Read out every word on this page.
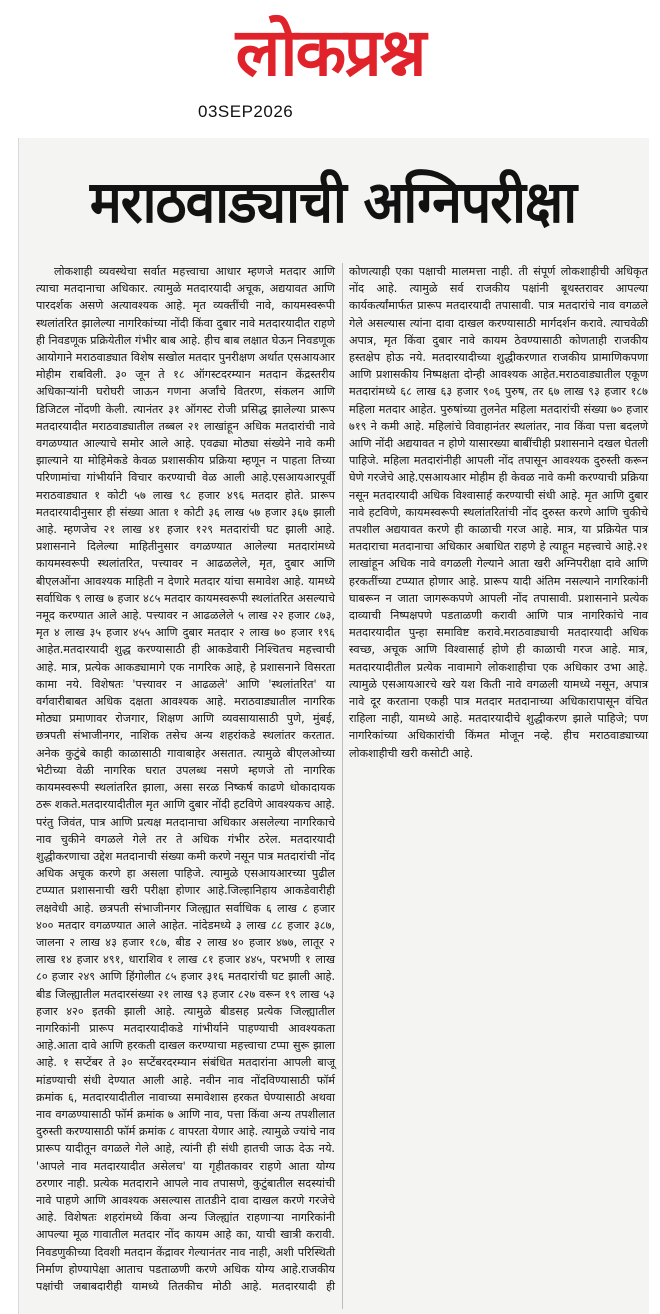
लोकप्रश्न
03SEP2026
मराठवाड्याची अग्निपरीक्षा

लोकशाही व्यवस्थेचा सर्वात महत्त्वाचा आधार म्हणजे मतदार आणि त्याचा मतदानाचा अधिकार. त्यामुळे मतदारयादी अचूक, अद्ययावत आणि पारदर्शक असणे अत्यावश्यक आहे. मृत व्यक्तींची नावे, कायमस्वरूपी स्थलांतरित झालेल्या नागरिकांच्या नोंदी किंवा दुबार नावे मतदारयादीत राहणे ही निवडणूक प्रक्रियेतील गंभीर बाब आहे. हीच बाब लक्षात घेऊन निवडणूक आयोगाने मराठवाड्यात विशेष सखोल मतदार पुनरीक्षण अर्थात एसआयआर मोहीम राबविली. ३० जून ते १८ ऑगस्टदरम्यान मतदान केंद्रस्तरीय अधिकाऱ्यांनी घरोघरी जाऊन गणना अर्जांचे वितरण, संकलन आणि डिजिटल नोंदणी केली. त्यानंतर ३१ ऑगस्ट रोजी प्रसिद्ध झालेल्या प्रारूप मतदारयादीत मराठवाड्यातील तब्बल २१ लाखांहून अधिक मतदारांची नावे वगळण्यात आल्याचे समोर आले आहे. एवढ्या मोठ्या संख्येने नावे कमी झाल्याने या मोहिमेकडे केवळ प्रशासकीय प्रक्रिया म्हणून न पाहता तिच्या परिणामांचा गांभीर्याने विचार करण्याची वेळ आली आहे.एसआयआरपूर्वी मराठवाड्यात १ कोटी ५७ लाख ९८ हजार ४९६ मतदार होते. प्रारूप मतदारयादीनुसार ही संख्या आता १ कोटी ३६ लाख ५७ हजार ३६७ झाली आहे. म्हणजेच २१ लाख ४१ हजार १२९ मतदारांची घट झाली आहे. प्रशासनाने दिलेल्या माहितीनुसार वगळण्यात आलेल्या मतदारांमध्ये कायमस्वरूपी स्थलांतरित, पत्त्यावर न आढळलेले, मृत, दुबार आणि बीएलओंना आवश्यक माहिती न देणारे मतदार यांचा समावेश आहे. यामध्ये सर्वाधिक ९ लाख ७ हजार ४८५ मतदार कायमस्वरूपी स्थलांतरित असल्याचे नमूद करण्यात आले आहे. पत्त्यावर न आढळलेले ५ लाख २२ हजार ८७३, मृत ४ लाख ३५ हजार ४५५ आणि दुबार मतदार २ लाख ७० हजार १९६ आहेत.मतदारयादी शुद्ध करण्यासाठी ही आकडेवारी निश्चितच महत्त्वाची आहे. मात्र, प्रत्येक आकड्यामागे एक नागरिक आहे, हे प्रशासनाने विसरता कामा नये. विशेषतः 'पत्त्यावर न आढळले' आणि 'स्थलांतरित' या वर्गवारीबाबत अधिक दक्षता आवश्यक आहे. मराठवाड्यातील नागरिक मोठ्या प्रमाणावर रोजगार, शिक्षण आणि व्यवसायासाठी पुणे, मुंबई, छत्रपती संभाजीनगर, नाशिक तसेच अन्य शहरांकडे स्थलांतर करतात. अनेक कुटुंबे काही काळासाठी गावाबाहेर असतात. त्यामुळे बीएलओच्या भेटीच्या वेळी नागरिक घरात उपलब्ध नसणे म्हणजे तो नागरिक कायमस्वरूपी स्थलांतरित झाला, असा सरळ निष्कर्ष काढणे धोकादायक ठरू शकते.मतदारयादीतील मृत आणि दुबार नोंदी हटविणे आवश्यकच आहे. परंतु जिवंत, पात्र आणि प्रत्यक्ष मतदानाचा अधिकार असलेल्या नागरिकाचे नाव चुकीने वगळले गेले तर ते अधिक गंभीर ठरेल. मतदारयादी शुद्धीकरणाचा उद्देश मतदानाची संख्या कमी करणे नसून पात्र मतदारांची नोंद अधिक अचूक करणे हा असला पाहिजे. त्यामुळे एसआयआरच्या पुढील टप्प्यात प्रशासनाची खरी परीक्षा होणार आहे.जिल्हानिहाय आकडेवारीही लक्षवेधी आहे. छत्रपती संभाजीनगर जिल्ह्यात सर्वाधिक ६ लाख ८ हजार ४०० मतदार वगळण्यात आले आहेत. नांदेडमध्ये ३ लाख ८८ हजार ३८७, जालना २ लाख ४३ हजार १८७, बीड २ लाख ४० हजार ४७७, लातूर २ लाख १४ हजार ४९१, धाराशिव १ लाख ८१ हजार ४४५, परभणी १ लाख ८० हजार २४९ आणि हिंगोलीत ८५ हजार ३१६ मतदारांची घट झाली आहे. बीड जिल्ह्यातील मतदारसंख्या २१ लाख ९३ हजार ८२७ वरून १९ लाख ५३ हजार ४२० इतकी झाली आहे. त्यामुळे बीडसह प्रत्येक जिल्ह्यातील नागरिकांनी प्रारूप मतदारयादीकडे गांभीर्याने पाहण्याची आवश्यकता आहे.आता दावे आणि हरकती दाखल करण्याचा महत्त्वाचा टप्पा सुरू झाला आहे. १ सप्टेंबर ते ३० सप्टेंबरदरम्यान संबंधित मतदारांना आपली बाजू मांडण्याची संधी देण्यात आली आहे. नवीन नाव नोंदविण्यासाठी फॉर्म क्रमांक ६, मतदारयादीतील नावाच्या समावेशास हरकत घेण्यासाठी अथवा नाव वगळण्यासाठी फॉर्म क्रमांक ७ आणि नाव, पत्ता किंवा अन्य तपशीलात दुरुस्ती करण्यासाठी फॉर्म क्रमांक ८ वापरता येणार आहे. त्यामुळे ज्यांचे नाव प्रारूप यादीतून वगळले गेले आहे, त्यांनी ही संधी हातची जाऊ देऊ नये. 'आपले नाव मतदारयादीत असेलच' या गृहीतकावर राहणे आता योग्य ठरणार नाही. प्रत्येक मतदाराने आपले नाव तपासणे, कुटुंबातील सदस्यांची नावे पाहणे आणि आवश्यक असल्यास तातडीने दावा दाखल करणे गरजेचे आहे. विशेषतः शहरांमध्ये किंवा अन्य जिल्ह्यांत राहणाऱ्या नागरिकांनी आपल्या मूळ गावातील मतदार नोंद कायम आहे का, याची खात्री करावी. निवडणुकीच्या दिवशी मतदान केंद्रावर गेल्यानंतर नाव नाही, अशी परिस्थिती निर्माण होण्यापेक्षा आताच पडताळणी करणे अधिक योग्य आहे.राजकीय पक्षांची जबाबदारीही यामध्ये तितकीच मोठी आहे. मतदारयादी ही कोणत्याही एका पक्षाची मालमत्ता नाही. ती संपूर्ण लोकशाहीची अधिकृत नोंद आहे. त्यामुळे सर्व राजकीय पक्षांनी बूथस्तरावर आपल्या कार्यकर्त्यांमार्फत प्रारूप मतदारयादी तपासावी. पात्र मतदारांचे नाव वगळले गेले असल्यास त्यांना दावा दाखल करण्यासाठी मार्गदर्शन करावे. त्याचवेळी अपात्र, मृत किंवा दुबार नावे कायम ठेवण्यासाठी कोणताही राजकीय हस्तक्षेप होऊ नये. मतदारयादीच्या शुद्धीकरणात राजकीय प्रामाणिकपणा आणि प्रशासकीय निष्पक्षता दोन्ही आवश्यक आहेत.मराठवाड्यातील एकूण मतदारांमध्ये ६८ लाख ६३ हजार ९०६ पुरुष, तर ६७ लाख ९३ हजार १८७ महिला मतदार आहेत. पुरुषांच्या तुलनेत महिला मतदारांची संख्या ७० हजार ७१९ ने कमी आहे. महिलांचे विवाहानंतर स्थलांतर, नाव किंवा पत्ता बदलणे आणि नोंदी अद्ययावत न होणे यासारख्या बाबींचीही प्रशासनाने दखल घेतली पाहिजे. महिला मतदारांनीही आपली नोंद तपासून आवश्यक दुरुस्ती करून घेणे गरजेचे आहे.एसआयआर मोहीम ही केवळ नावे कमी करण्याची प्रक्रिया नसून मतदारयादी अधिक विश्वासार्ह करण्याची संधी आहे. मृत आणि दुबार नावे हटविणे, कायमस्वरूपी स्थलांतरितांची नोंद दुरुस्त करणे आणि चुकीचे तपशील अद्ययावत करणे ही काळाची गरज आहे. मात्र, या प्रक्रियेत पात्र मतदाराचा मतदानाचा अधिकार अबाधित राहणे हे त्याहून महत्त्वाचे आहे.२१ लाखांहून अधिक नावे वगळली गेल्याने आता खरी अग्निपरीक्षा दावे आणि हरकतींच्या टप्प्यात होणार आहे. प्रारूप यादी अंतिम नसल्याने नागरिकांनी घाबरून न जाता जागरूकपणे आपली नोंद तपासावी. प्रशासनाने प्रत्येक दाव्याची निष्पक्षपणे पडताळणी करावी आणि पात्र नागरिकांचे नाव मतदारयादीत पुन्हा समाविष्ट करावे.मराठवाड्याची मतदारयादी अधिक स्वच्छ, अचूक आणि विश्वासार्ह होणे ही काळाची गरज आहे. मात्र, मतदारयादीतील प्रत्येक नावामागे लोकशाहीचा एक अधिकार उभा आहे. त्यामुळे एसआयआरचे खरे यश किती नावे वगळली यामध्ये नसून, अपात्र नावे दूर करताना एकही पात्र मतदार मतदानाच्या अधिकारापासून वंचित राहिला नाही, यामध्ये आहे. मतदारयादीचे शुद्धीकरण झाले पाहिजे; पण नागरिकांच्या अधिकारांची किंमत मोजून नव्हे. हीच मराठवाड्याच्या लोकशाहीची खरी कसोटी आहे.
